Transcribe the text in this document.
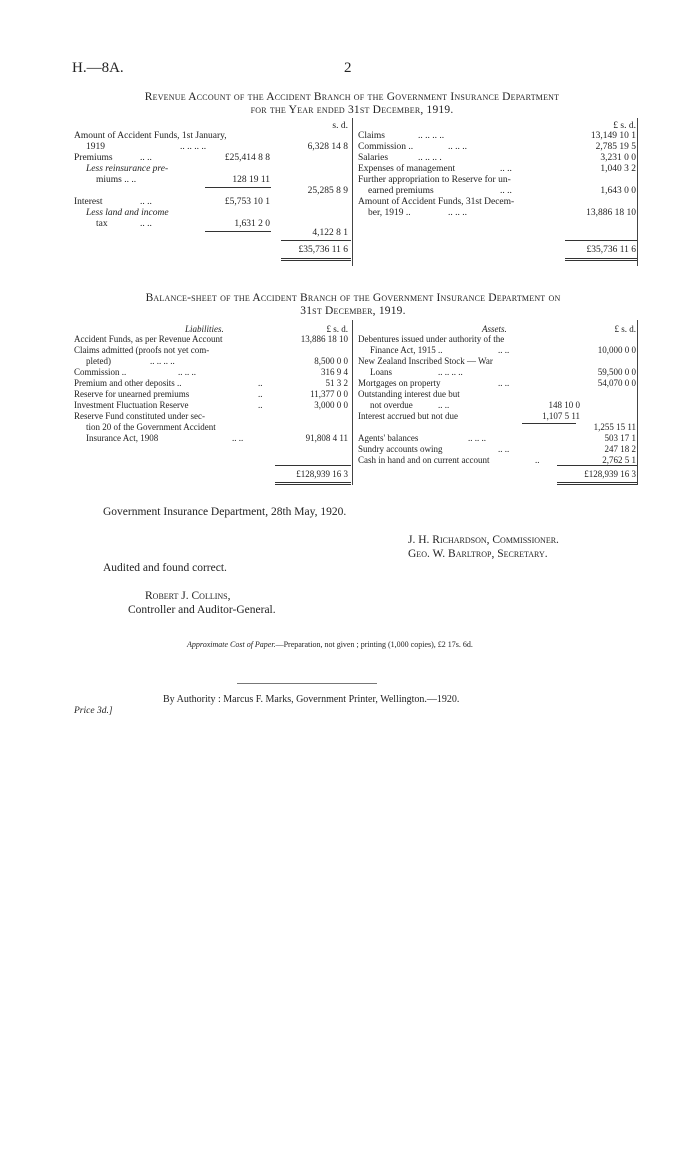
H.—8A.	2
Revenue Account of the Accident Branch of the Government Insurance Department
for the Year ended 31st December, 1919.
s. d.	£ s. d.
Amount of Accident Funds, 1st January,
1919	.. .. .. ..	6,328 14 8
Premiums	.. ..	£25,414 8 8
Less reinsurance pre-
miums .. ..	128 19 11
25,285 8 9
Interest	.. ..	£5,753 10 1
Less land and income
tax	.. ..	1,631 2 0
4,122 8 1
£35,736 11 6
Claims	.. .. .. ..	13,149 10 1
Commission ..	.. .. ..	2,785 19 5
Salaries	.. .. .. .	3,231 0 0
Expenses of management	.. ..	1,040 3 2
Further appropriation to Reserve for un-
earned premiums	.. ..	1,643 0 0
Amount of Accident Funds, 31st Decem-
ber, 1919 ..	.. .. ..	13,886 18 10
£35,736 11 6
Balance-sheet of the Accident Branch of the Government Insurance Department on
31st December, 1919.
Liabilities.	£ s. d.	Assets.	£ s. d.
Accident Funds, as per Revenue Account	13,886 18 10
Claims admitted (proofs not yet com-
pleted)	.. .. .. ..	8,500 0 0
Commission ..	.. .. ..	316 9 4
Premium and other deposits ..	..	51 3 2
Reserve for unearned premiums	..	11,377 0 0
Investment Fluctuation Reserve	..	3,000 0 0
Reserve Fund constituted under sec-
tion 20 of the Government Accident
Insurance Act, 1908	.. ..	91,808 4 11
£128,939 16 3
Debentures issued under authority of the
Finance Act, 1915 ..	.. ..	10,000 0 0
New Zealand Inscribed Stock — War
Loans	.. .. .. ..	59,500 0 0
Mortgages on property	.. ..	54,070 0 0
Outstanding interest due but
not overdue	.. ..	148 10 0
Interest accrued but not due	1,107 5 11
1,255 15 11
Agents' balances	.. .. ..	503 17 1
Sundry accounts owing	.. ..	247 18 2
Cash in hand and on current account	..	2,762 5 1
£128,939 16 3
Government Insurance Department, 28th May, 1920.
J. H. Richardson, Commissioner.
Geo. W. Barltrop, Secretary.
Audited and found correct.
Robert J. Collins,
Controller and Auditor-General.
Approximate Cost of Paper.—Preparation, not given ; printing (1,000 copies), £2 17s. 6d.
By Authority : Marcus F. Marks, Government Printer, Wellington.—1920.
Price 3d.]
